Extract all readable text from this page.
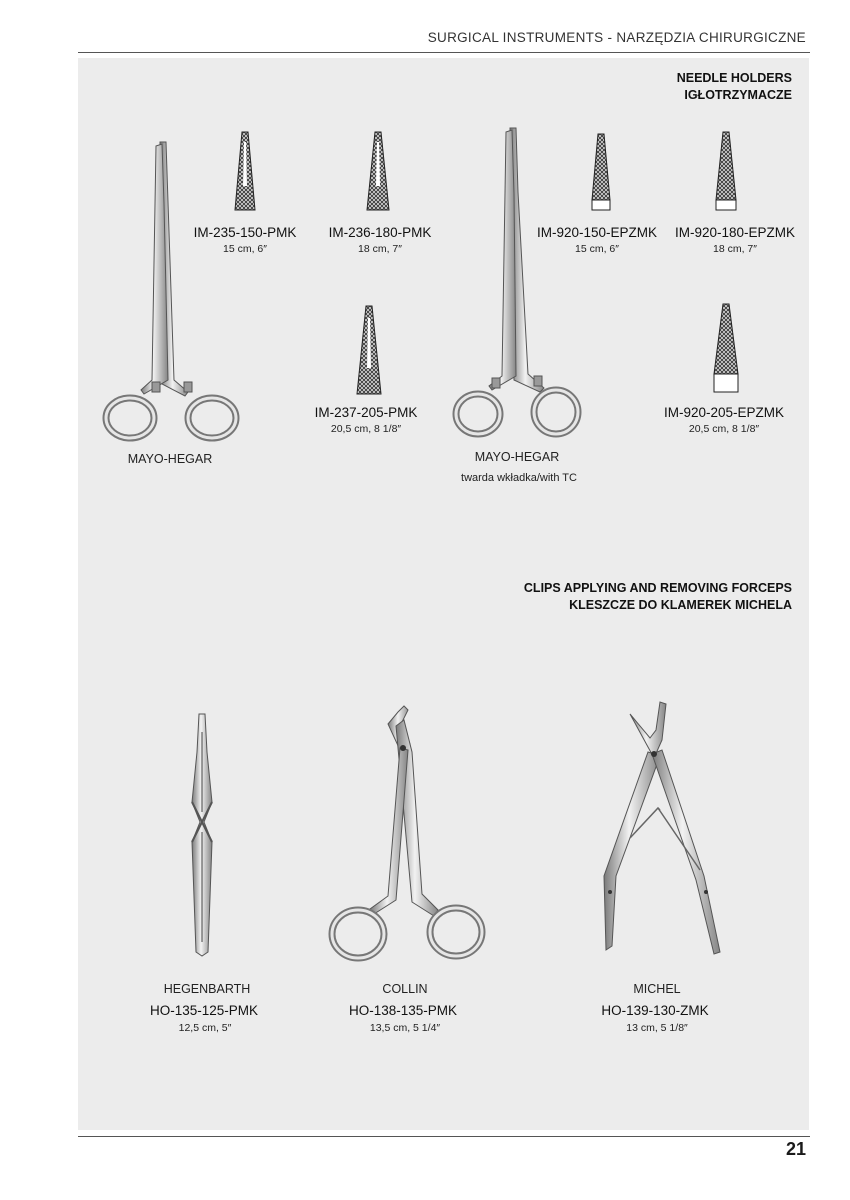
SURGICAL INSTRUMENTS - NARZĘDZIA CHIRURGICZNE
NEEDLE HOLDERS
IGŁOTRZYMACZE
MAYO-HEGAR
IM-235-150-PMK
15 cm, 6″
IM-236-180-PMK
18 cm, 7″
IM-237-205-PMK
20,5 cm, 8 1/8″
IM-920-150-EPZMK
15 cm, 6″
IM-920-180-EPZMK
18 cm, 7″
IM-920-205-EPZMK
20,5 cm, 8 1/8″
MAYO-HEGAR
twarda wkładka/with TC
CLIPS APPLYING AND REMOVING FORCEPS
KLESZCZE DO KLAMEREK MICHELA
HEGENBARTH
HO-135-125-PMK
12,5 cm, 5″
COLLIN
HO-138-135-PMK
13,5 cm, 5 1/4″
MICHEL
HO-139-130-ZMK
13 cm, 5 1/8″
21
